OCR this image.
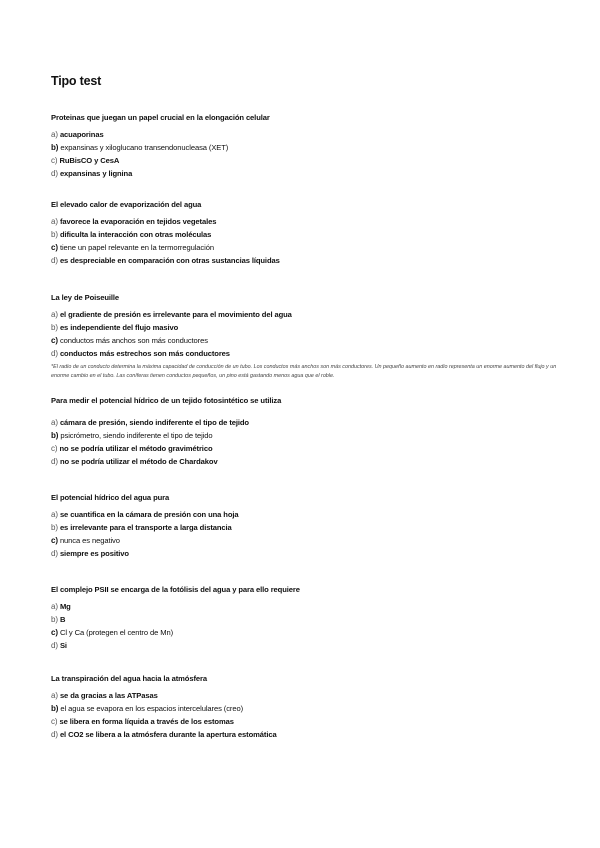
Tipo test
Proteinas que juegan un papel crucial en la elongación celular
a) acuaporinas
b) expansinas y xiloglucano transendonucleasa (XET)
c) RuBisCO y CesA
d) expansinas y lignina
El elevado calor de evaporización del agua
a) favorece la evaporación en tejidos vegetales
b) dificulta la interacción con otras moléculas
c) tiene un papel relevante en la termorregulación
d) es despreciable en comparación con otras sustancias líquidas
La ley de Poiseuille
a) el gradiente de presión es irrelevante para el movimiento del agua
b) es independiente del flujo masivo
c) conductos más anchos son más conductores
d) conductos más estrechos son más conductores
*El radio de un conducto determina la máxima capacidad de conducción de un tubo. Los conductos más anchos son más conductores. Un pequeño aumento en radio representa un enorme aumento del flujo y un enorme cambio en el tubo. Las coníferas tienen conductos pequeños, un pino está gastando menos agua que el roble.
Para medir el potencial hídrico de un tejido fotosintético se utiliza
a) cámara de presión, siendo indiferente el tipo de tejido
b) psicrómetro, siendo indiferente el tipo de tejido
c) no se podría utilizar el método gravimétrico
d) no se podría utilizar el método de Chardakov
El potencial hídrico del agua pura
a) se cuantifica en la cámara de presión con una hoja
b) es irrelevante para el transporte a larga distancia
c) nunca es negativo
d) siempre es positivo
El complejo PSII se encarga de la fotólisis del agua y para ello requiere
a) Mg
b) B
c) Cl y Ca (protegen el centro de Mn)
d) Si
La transpiración del agua hacia la atmósfera
a) se da gracias a las ATPasas
b) el agua se evapora en los espacios intercelulares (creo)
c) se libera en forma líquida a través de los estomas
d) el CO2 se libera a la atmósfera durante la apertura estomática
